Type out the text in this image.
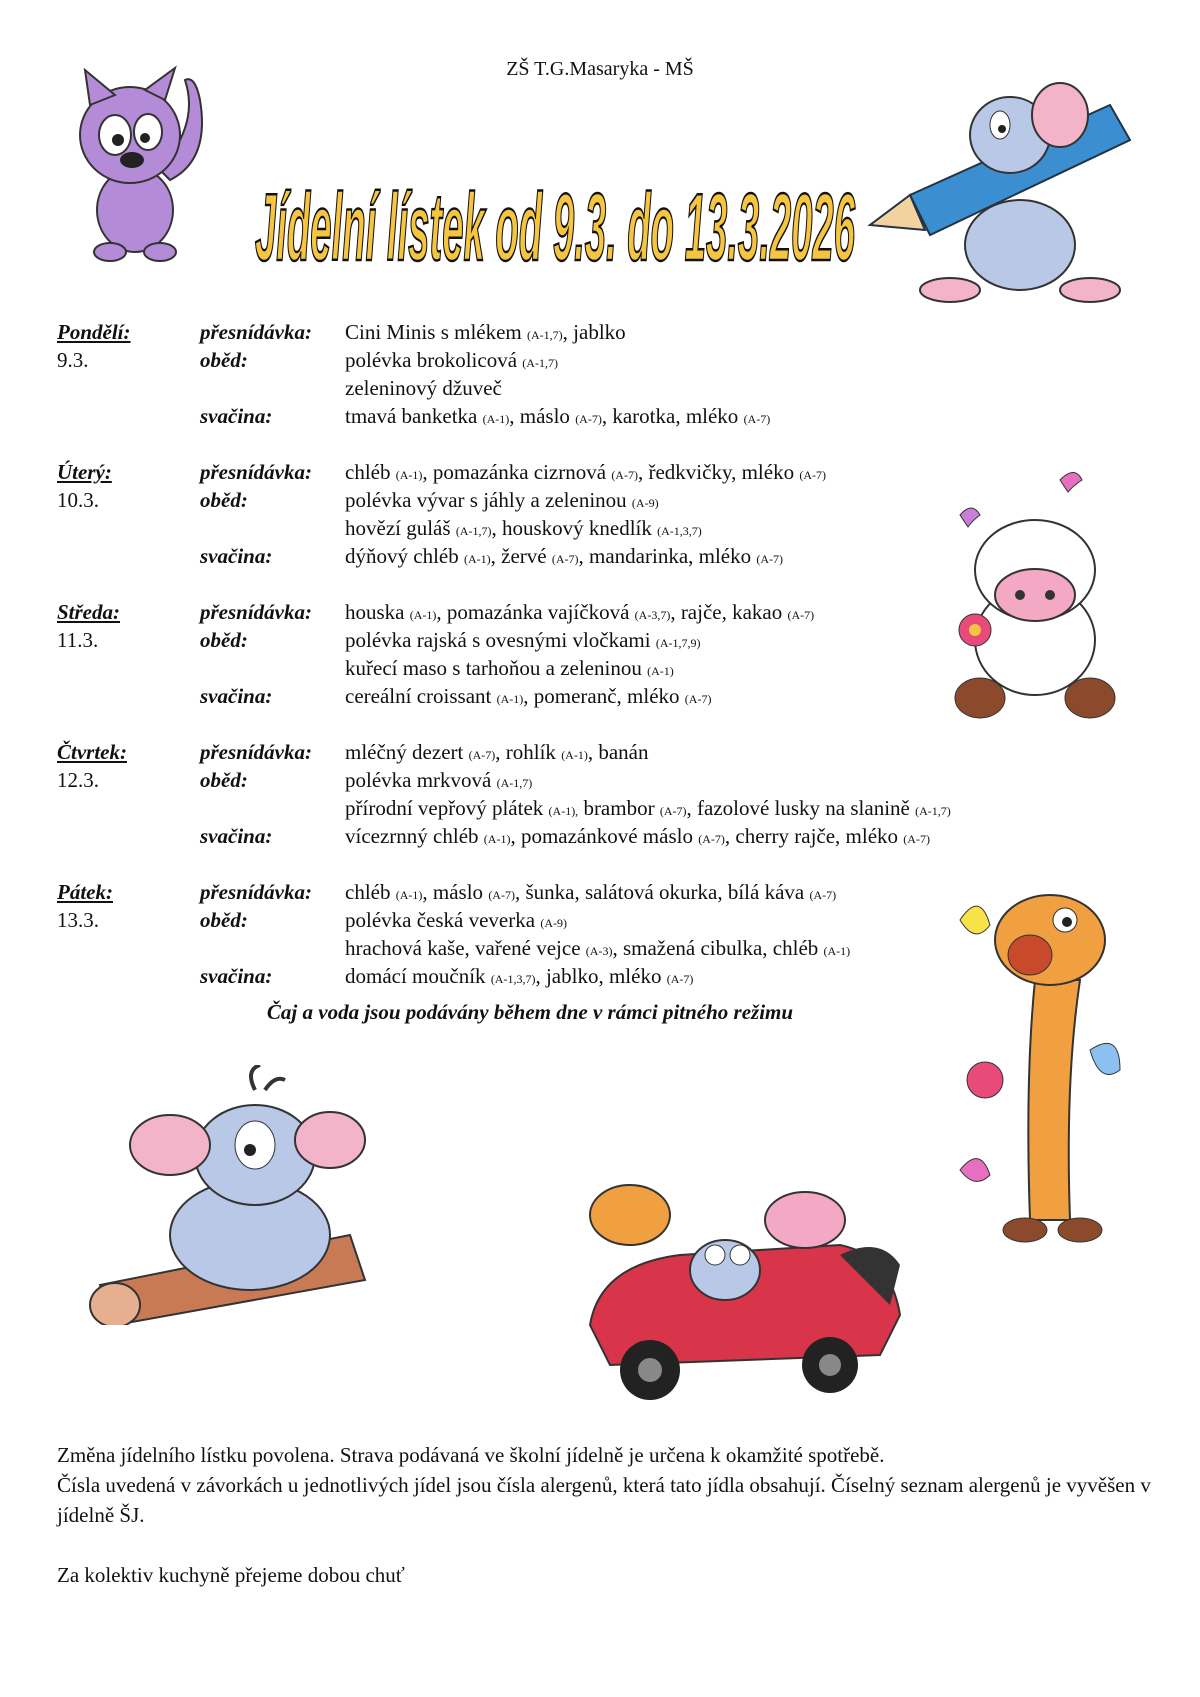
ZŠ T.G.Masaryka - MŠ
Jídelní lístek od 9.3. do 13.3.2026
Pondělí:	přesnídávka:	Cini Minis s mlékem (A-1,7), jablko
9.3.	oběd:	polévka brokolicová (A-1,7)
zeleninový džuveč
svačina:	tmavá banketka (A-1), máslo (A-7), karotka, mléko (A-7)
Úterý:	přesnídávka:	chléb (A-1), pomazánka cizrnová (A-7), ředkvičky, mléko (A-7)
10.3.	oběd:	polévka vývar s jáhly a zeleninou (A-9)
hovězí guláš (A-1,7), houskový knedlík (A-1,3,7)
svačina:	dýňový chléb (A-1), žervé (A-7), mandarinka, mléko (A-7)
Středa:	přesnídávka:	houska (A-1), pomazánka vajíčková (A-3,7), rajče, kakao (A-7)
11.3.	oběd:	polévka rajská s ovesnými vločkami (A-1,7,9)
kuřecí maso s tarhoňou a zeleninou (A-1)
svačina:	cereální croissant (A-1), pomeranč, mléko (A-7)
Čtvrtek:	přesnídávka:	mléčný dezert (A-7), rohlík (A-1), banán
12.3.	oběd:	polévka mrkvová (A-1,7)
přírodní vepřový plátek (A-1), brambor (A-7), fazolové lusky na slanině (A-1,7)
svačina:	vícezrnný chléb (A-1), pomazánkové máslo (A-7), cherry rajče, mléko (A-7)
Pátek:	přesnídávka:	chléb (A-1), máslo (A-7), šunka, salátová okurka, bílá káva (A-7)
13.3.	oběd:	polévka česká veverka (A-9)
hrachová kaše, vařené vejce (A-3), smažená cibulka, chléb (A-1)
svačina:	domácí moučník (A-1,3,7), jablko, mléko (A-7)
Čaj a voda jsou podávány během dne v rámci pitného režimu

Změna jídelního lístku povolena. Strava podávaná ve školní jídelně je určena k okamžité spotřebě.

Čísla uvedená v závorkách u jednotlivých jídel jsou čísla alergenů, která tato jídla obsahují. Číselný seznam alergenů je vyvěšen v jídelně ŠJ.

Za kolektiv kuchyně přejeme dobou chuť
